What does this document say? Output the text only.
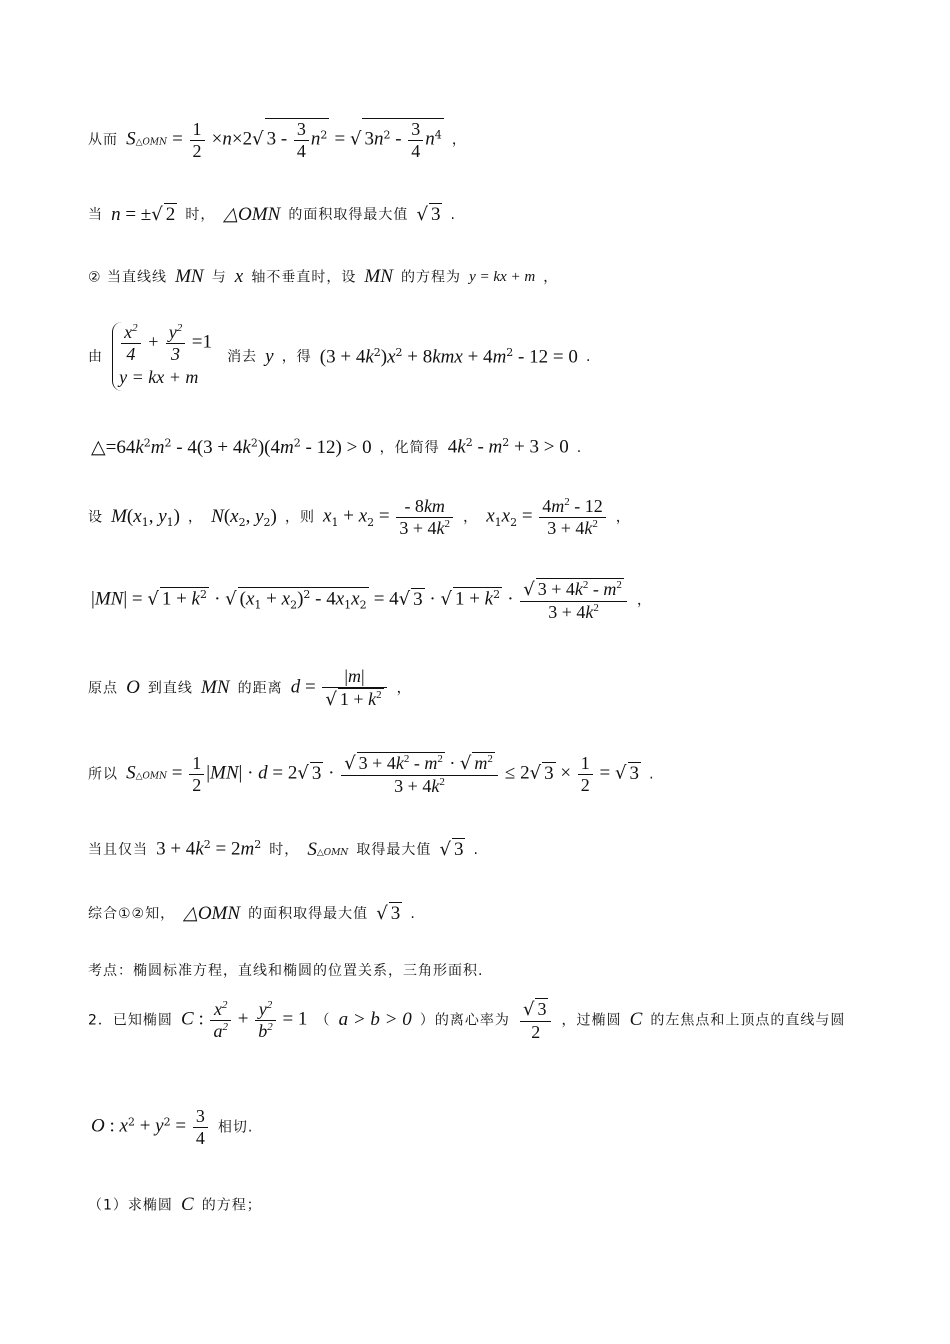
从而 S△OMN = $\frac{1}{2} \times n\times 2√$ $3 - \frac{3}{4} n^2$ = √ $3n^2 - \frac{3}{4} n^4$ ，
当 n = ±√ 2 时， △OMN 的面积取得最大值 √ 3 .
② 当直线线 MN 与 x 轴不垂直时，设 MN 的方程为 y = kx + m ，
由 $\frac{x^2}{4} + \frac{y^2}{3} =1$
y = kx + m
消去 y ，得 $(3 + 4k^2)x^2 + 8kmx + 4m^2 - 12 = 0$ .
$\triangle=64k^2m^2 - 4(3 + 4k^2)(4m^2 - 12) > 0$ ，化简得 $4k^2 - m^2 + 3 > 0$ .
设 $M(x_1$, $y_1$) ， $N(x_2$, $y_2$) ，则 $x_1 + x_2 = \frac{- 8km}{3 + 4k^2}$ ， $x_1x_2 = \frac{4m^2 - 12}{3 + 4k^2}$ ，
|MN| = √ $1 + k^2$ · √ $(x_1 + x_2)^2 - 4x_1x_2 = 4√$ 3 · √ $1 + k^2 \cdot \frac{√ 3 + 4k^2 - m^2}{3 + 4k^2}$ ，
原点 O 到直线 MN 的距离 $d = \frac{|m|}{√ 1 + k^2}$ ，
所以 S△OMN = $\frac{1}{2} |MN| \cdot d = 2√$ $3 \cdot \frac{√ 3 + 4k^2 - m^2 \cdot √ m^2}{3 + 4k^2} \le 2√$ $3 \times \frac{1}{2}$ = √ 3 .
当且仅当 $3 + 4k^2 = 2m^2$ 时， S△OMN 取得最大值 √ 3 .
综合①②知， △OMN 的面积取得最大值 √ 3 .
考点：椭圆标准方程，直线和椭圆的位置关系，三角形面积.
2．已知椭圆 C : $\frac{x^2}{a^2} + \frac{y^2}{b^2} = 1$ （ a > b > 0 ）的离心率为 $\frac{√ 3}{2}$ ，过椭圆 C 的左焦点和上顶点的直线与圆
O : $x^2 + y^2 = \frac{3}{4}$ 相切.
（1）求椭圆 C 的方程；
